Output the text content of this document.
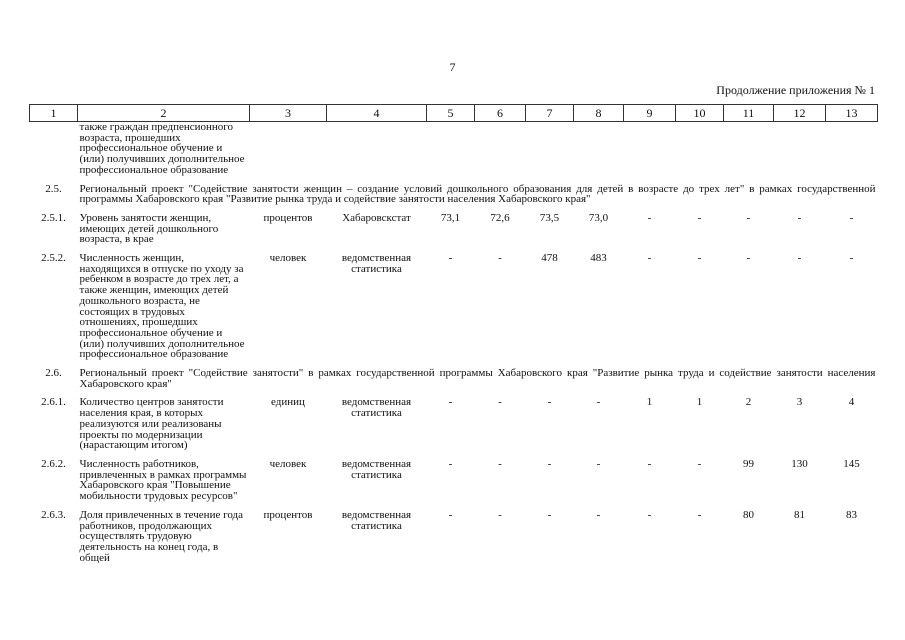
7
Продолжение приложения № 1
1	2	3	4	5	6	7	8	9	10	11	12	13
	также граждан предпенсионного возраста, прошедших профессиональное обучение и (или) получивших дополнительное профессиональное образование											

2.5.	Региональный проект "Содействие занятости женщин – создание условий дошкольного образования для детей в возрасте до трех лет" в рамках государственной программы Хабаровского края "Развитие рынка труда и содействие занятости населения Хабаровского края"											

2.5.1.	Уровень занятости женщин, имеющих детей дошкольного возраста, в крае	процентов	Хабаровскстат	73,1	72,6	73,5	73,0	-	-	-	-	-

2.5.2.	Численность женщин, находящихся в отпуске по уходу за ребенком в возрасте до трех лет, а также женщин, имеющих детей дошкольного возраста, не состоящих в трудовых отношениях, прошедших профессиональное обучение и (или) получивших дополнительное профессиональное образование	человек	ведомственная статистика	-	-	478	483	-	-	-	-	-

2.6.	Региональный проект "Содействие занятости" в рамках государственной программы Хабаровского края "Развитие рынка труда и содействие занятости населения Хабаровского края"											

2.6.1.	Количество центров занятости населения края, в которых реализуются или реализованы проекты по модернизации (нарастающим итогом)	единиц	ведомственная статистика	-	-	-	-	1	1	2	3	4

2.6.2.	Численность работников, привлеченных в рамках программы Хабаровского края "Повышение мобильности трудовых ресурсов"	человек	ведомственная статистика	-	-	-	-	-	-	99	130	145

2.6.3.	Доля привлеченных в течение года работников, продолжающих осуществлять трудовую деятельность на конец года, в общей	процентов	ведомственная статистика	-	-	-	-	-	-	80	81	83
